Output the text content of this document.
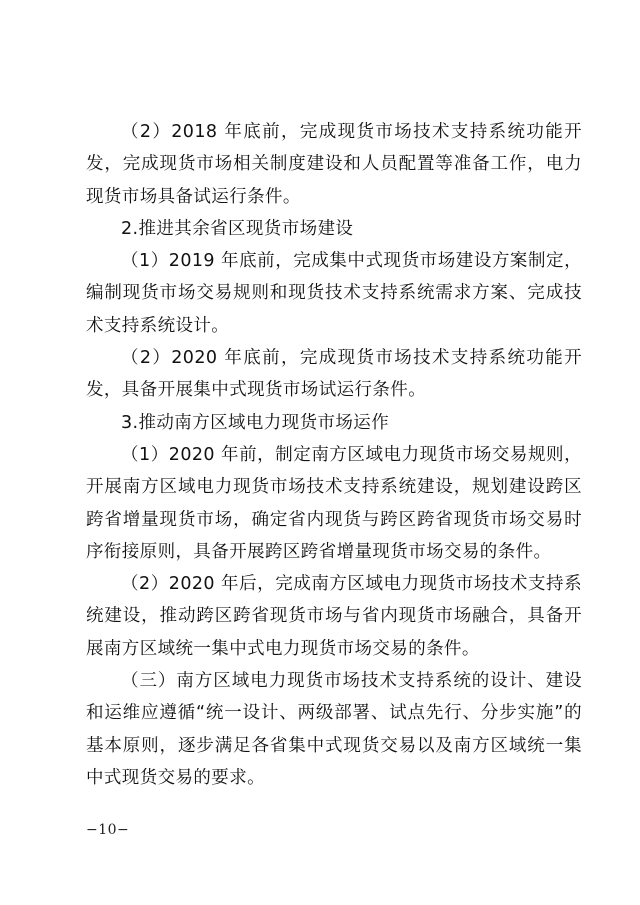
（2）2018 年底前，完成现货市场技术支持系统功能开发，完成现货市场相关制度建设和人员配置等准备工作，电力现货市场具备试运行条件。

2.推进其余省区现货市场建设

（1）2019 年底前，完成集中式现货市场建设方案制定，编制现货市场交易规则和现货技术支持系统需求方案、完成技术支持系统设计。

（2）2020 年底前，完成现货市场技术支持系统功能开发，具备开展集中式现货市场试运行条件。

3.推动南方区域电力现货市场运作

（1）2020 年前，制定南方区域电力现货市场交易规则，开展南方区域电力现货市场技术支持系统建设，规划建设跨区跨省增量现货市场，确定省内现货与跨区跨省现货市场交易时序衔接原则，具备开展跨区跨省增量现货市场交易的条件。

（2）2020 年后，完成南方区域电力现货市场技术支持系统建设，推动跨区跨省现货市场与省内现货市场融合，具备开展南方区域统一集中式电力现货市场交易的条件。

（三）南方区域电力现货市场技术支持系统的设计、建设和运维应遵循“统一设计、两级部署、试点先行、分步实施”的基本原则，逐步满足各省集中式现货交易以及南方区域统一集中式现货交易的要求。

−10−
